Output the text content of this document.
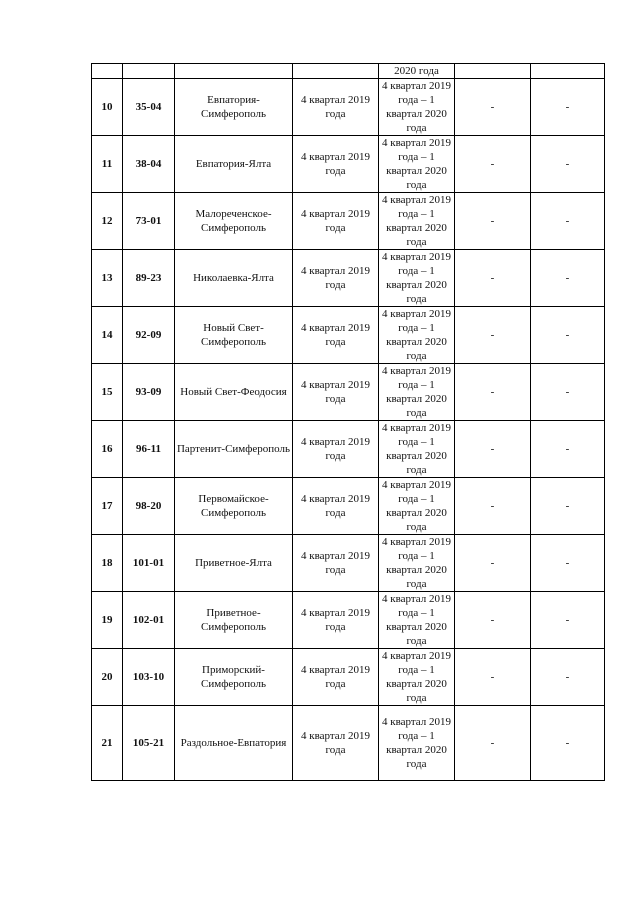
				2020 года		
10	35-04	Евпатория-Симферополь	4 квартал 2019 года	4 квартал 2019 года – 1 квартал 2020 года	-	-
11	38-04	Евпатория-Ялта	4 квартал 2019 года	4 квартал 2019 года – 1 квартал 2020 года	-	-
12	73-01	Малореченское-Симферополь	4 квартал 2019 года	4 квартал 2019 года – 1 квартал 2020 года	-	-
13	89-23	Николаевка-Ялта	4 квартал 2019 года	4 квартал 2019 года – 1 квартал 2020 года	-	-
14	92-09	Новый Свет-Симферополь	4 квартал 2019 года	4 квартал 2019 года – 1 квартал 2020 года	-	-
15	93-09	Новый Свет-Феодосия	4 квартал 2019 года	4 квартал 2019 года – 1 квартал 2020 года	-	-
16	96-11	Партенит-Симферополь	4 квартал 2019 года	4 квартал 2019 года – 1 квартал 2020 года	-	-
17	98-20	Первомайское-Симферополь	4 квартал 2019 года	4 квартал 2019 года – 1 квартал 2020 года	-	-
18	101-01	Приветное-Ялта	4 квартал 2019 года	4 квартал 2019 года – 1 квартал 2020 года	-	-
19	102-01	Приветное-Симферополь	4 квартал 2019 года	4 квартал 2019 года – 1 квартал 2020 года	-	-
20	103-10	Приморский-Симферополь	4 квартал 2019 года	4 квартал 2019 года – 1 квартал 2020 года	-	-
21	105-21	Раздольное-Евпатория	4 квартал 2019 года	4 квартал 2019 года – 1 квартал 2020 года	-	-
